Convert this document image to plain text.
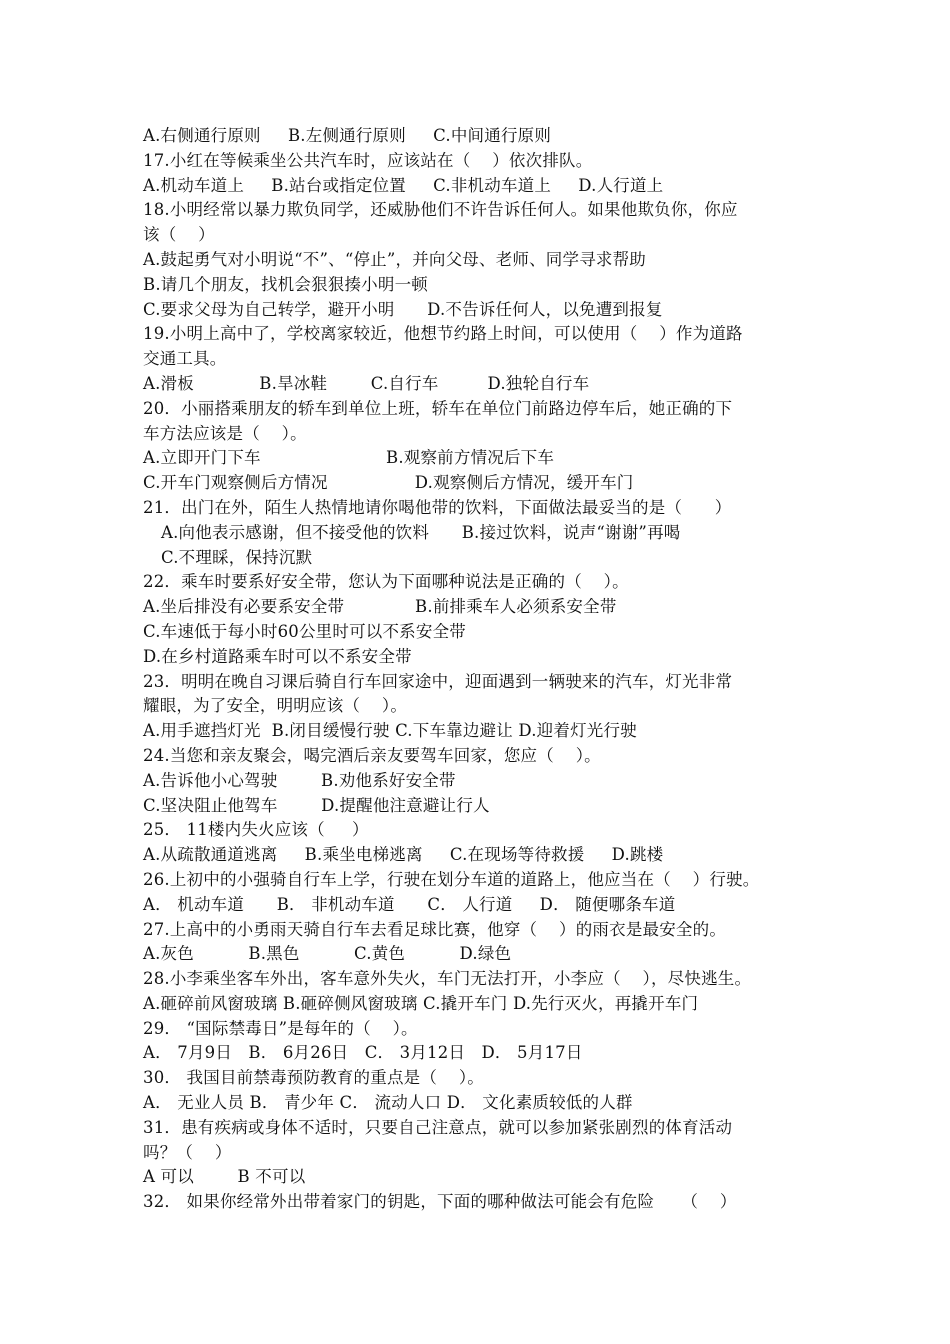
A.右侧通行原则     B.左侧通行原则     C.中间通行原则
17.小红在等候乘坐公共汽车时，应该站在（    ）依次排队。
A.机动车道上     B.站台或指定位置     C.非机动车道上     D.人行道上
18.小明经常以暴力欺负同学，还威胁他们不许告诉任何人。如果他欺负你，你应
该（    ）
A.鼓起勇气对小明说“不”、“停止”，并向父母、老师、同学寻求帮助
B.请几个朋友，找机会狠狠揍小明一顿
C.要求父母为自己转学，避开小明      D.不告诉任何人，以免遭到报复
19.小明上高中了，学校离家较近，他想节约路上时间，可以使用（    ）作为道路
交通工具。
A.滑板            B.旱冰鞋        C.自行车         D.独轮自行车
20．小丽搭乘朋友的轿车到单位上班，轿车在单位门前路边停车后，她正确的下
车方法应该是（    ）。
A.立即开门下车                       B.观察前方情况后下车
C.开车门观察侧后方情况                D.观察侧后方情况，缓开车门
21．出门在外，陌生人热情地请你喝他带的饮料，下面做法最妥当的是（      ）
A.向他表示感谢，但不接受他的饮料      B.接过饮料，说声“谢谢”再喝
C.不理睬，保持沉默
22．乘车时要系好安全带，您认为下面哪种说法是正确的（    ）。
A.坐后排没有必要系安全带             B.前排乘车人必须系安全带
C.车速低于每小时60公里时可以不系安全带
D.在乡村道路乘车时可以不系安全带
23．明明在晚自习课后骑自行车回家途中，迎面遇到一辆驶来的汽车，灯光非常
耀眼，为了安全，明明应该（    ）。
A.用手遮挡灯光  B.闭目缓慢行驶 C.下车靠边避让 D.迎着灯光行驶
24.当您和亲友聚会，喝完酒后亲友要驾车回家，您应（    ）。
A.告诉他小心驾驶        B.劝他系好安全带
C.坚决阻止他驾车        D.提醒他注意避让行人
25． 11楼内失火应该（     ）
A.从疏散通道逃离     B.乘坐电梯逃离     C.在现场等待救援     D.跳楼
26.上初中的小强骑自行车上学，行驶在划分车道的道路上，他应当在（    ）行驶。
A． 机动车道      B． 非机动车道      C． 人行道     D． 随便哪条车道
27.上高中的小勇雨天骑自行车去看足球比赛，他穿（    ）的雨衣是最安全的。
A.灰色          B.黑色          C.黄色          D.绿色
28.小李乘坐客车外出，客车意外失火，车门无法打开，小李应（    ），尽快逃生。
A.砸碎前风窗玻璃 B.砸碎侧风窗玻璃 C.撬开车门 D.先行灭火，再撬开车门
29． “国际禁毒日”是每年的（    ）。
A． 7月9日   B． 6月26日   C． 3月12日   D． 5月17日
30． 我国目前禁毒预防教育的重点是（    ）。
A． 无业人员 B． 青少年 C． 流动人口 D． 文化素质较低的人群
31．患有疾病或身体不适时，只要自己注意点，就可以参加紧张剧烈的体育活动
吗？（    ）
A 可以        B 不可以
32． 如果你经常外出带着家门的钥匙，下面的哪种做法可能会有危险     （    ）
